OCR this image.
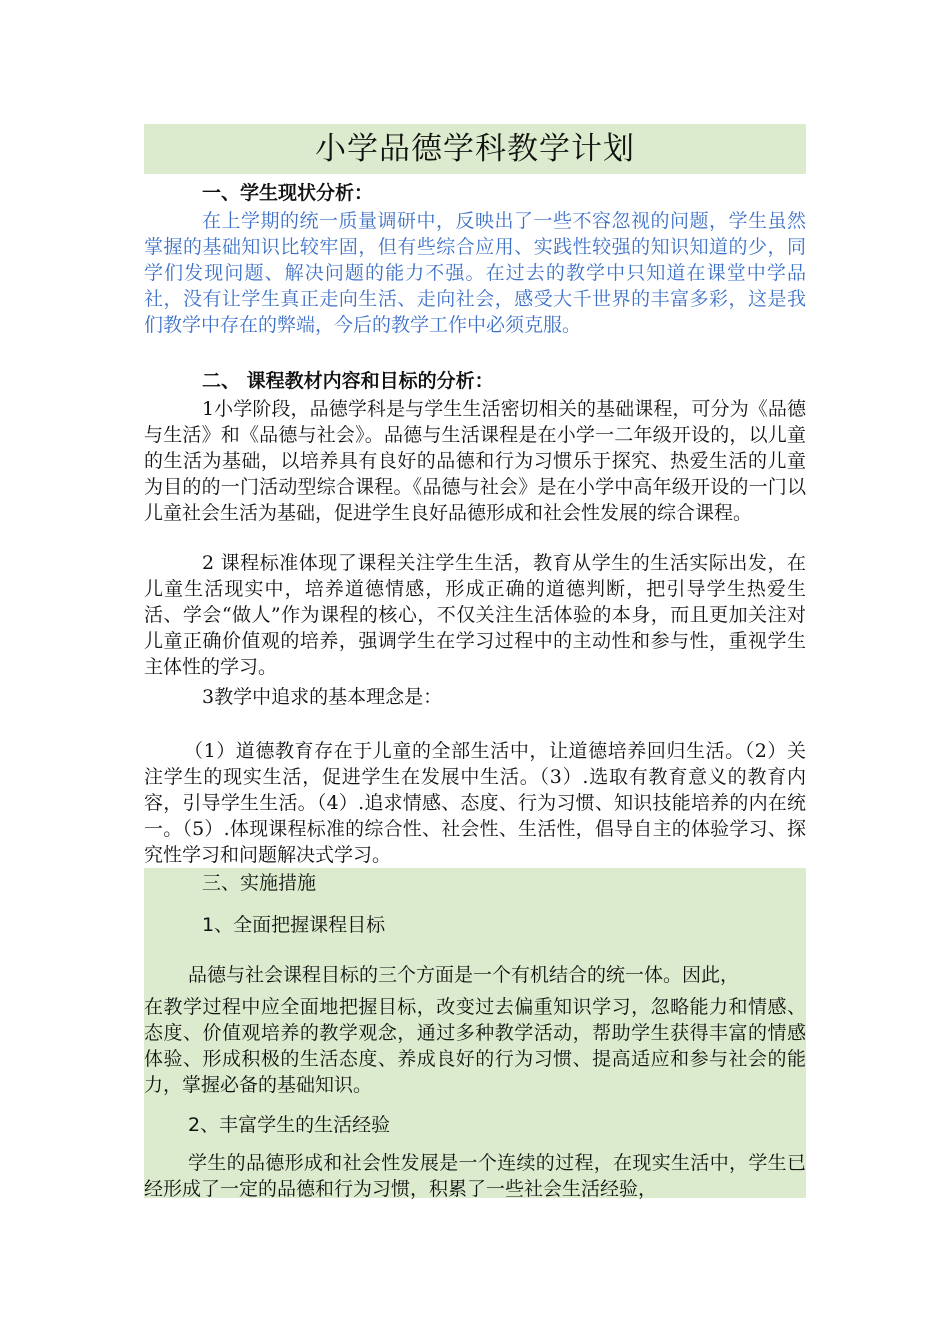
小学品德学科教学计划

一、学生现状分析：

在上学期的统一质量调研中，反映出了一些不容忽视的问题，学生虽然掌握的基础知识比较牢固，但有些综合应用、实践性较强的知识知道的少，同学们发现问题、解决问题的能力不强。在过去的教学中只知道在课堂中学品社，没有让学生真正走向生活、走向社会，感受大千世界的丰富多彩，这是我们教学中存在的弊端，今后的教学工作中必须克服。

二、 课程教材内容和目标的分析：

1小学阶段，品德学科是与学生生活密切相关的基础课程，可分为《品德与生活》和《品德与社会》。品德与生活课程是在小学一二年级开设的，以儿童的生活为基础，以培养具有良好的品德和行为习惯乐于探究、热爱生活的儿童为目的的一门活动型综合课程。《品德与社会》是在小学中高年级开设的一门以儿童社会生活为基础，促进学生良好品德形成和社会性发展的综合课程。

2 课程标准体现了课程关注学生生活，教育从学生的生活实际出发，在儿童生活现实中，培养道德情感，形成正确的道德判断，把引导学生热爱生活、学会“做人”作为课程的核心，不仅关注生活体验的本身，而且更加关注对儿童正确价值观的培养，强调学生在学习过程中的主动性和参与性，重视学生主体性的学习。

3教学中追求的基本理念是：

（1）道德教育存在于儿童的全部生活中，让道德培养回归生活。（2）关注学生的现实生活，促进学生在发展中生活。（3）.选取有教育意义的教育内容，引导学生生活。（4）.追求情感、态度、行为习惯、知识技能培养的内在统一。（5）.体现课程标准的综合性、社会性、生活性，倡导自主的体验学习、探究性学习和问题解决式学习。

三、实施措施

1、全面把握课程目标

品德与社会课程目标的三个方面是一个有机结合的统一体。因此，

在教学过程中应全面地把握目标，改变过去偏重知识学习，忽略能力和情感、态度、价值观培养的教学观念，通过多种教学活动，帮助学生获得丰富的情感体验、形成积极的生活态度、养成良好的行为习惯、提高适应和参与社会的能力，掌握必备的基础知识。

2、丰富学生的生活经验

学生的品德形成和社会性发展是一个连续的过程，在现实生活中，学生已经形成了一定的品德和行为习惯，积累了一些社会生活经验，
